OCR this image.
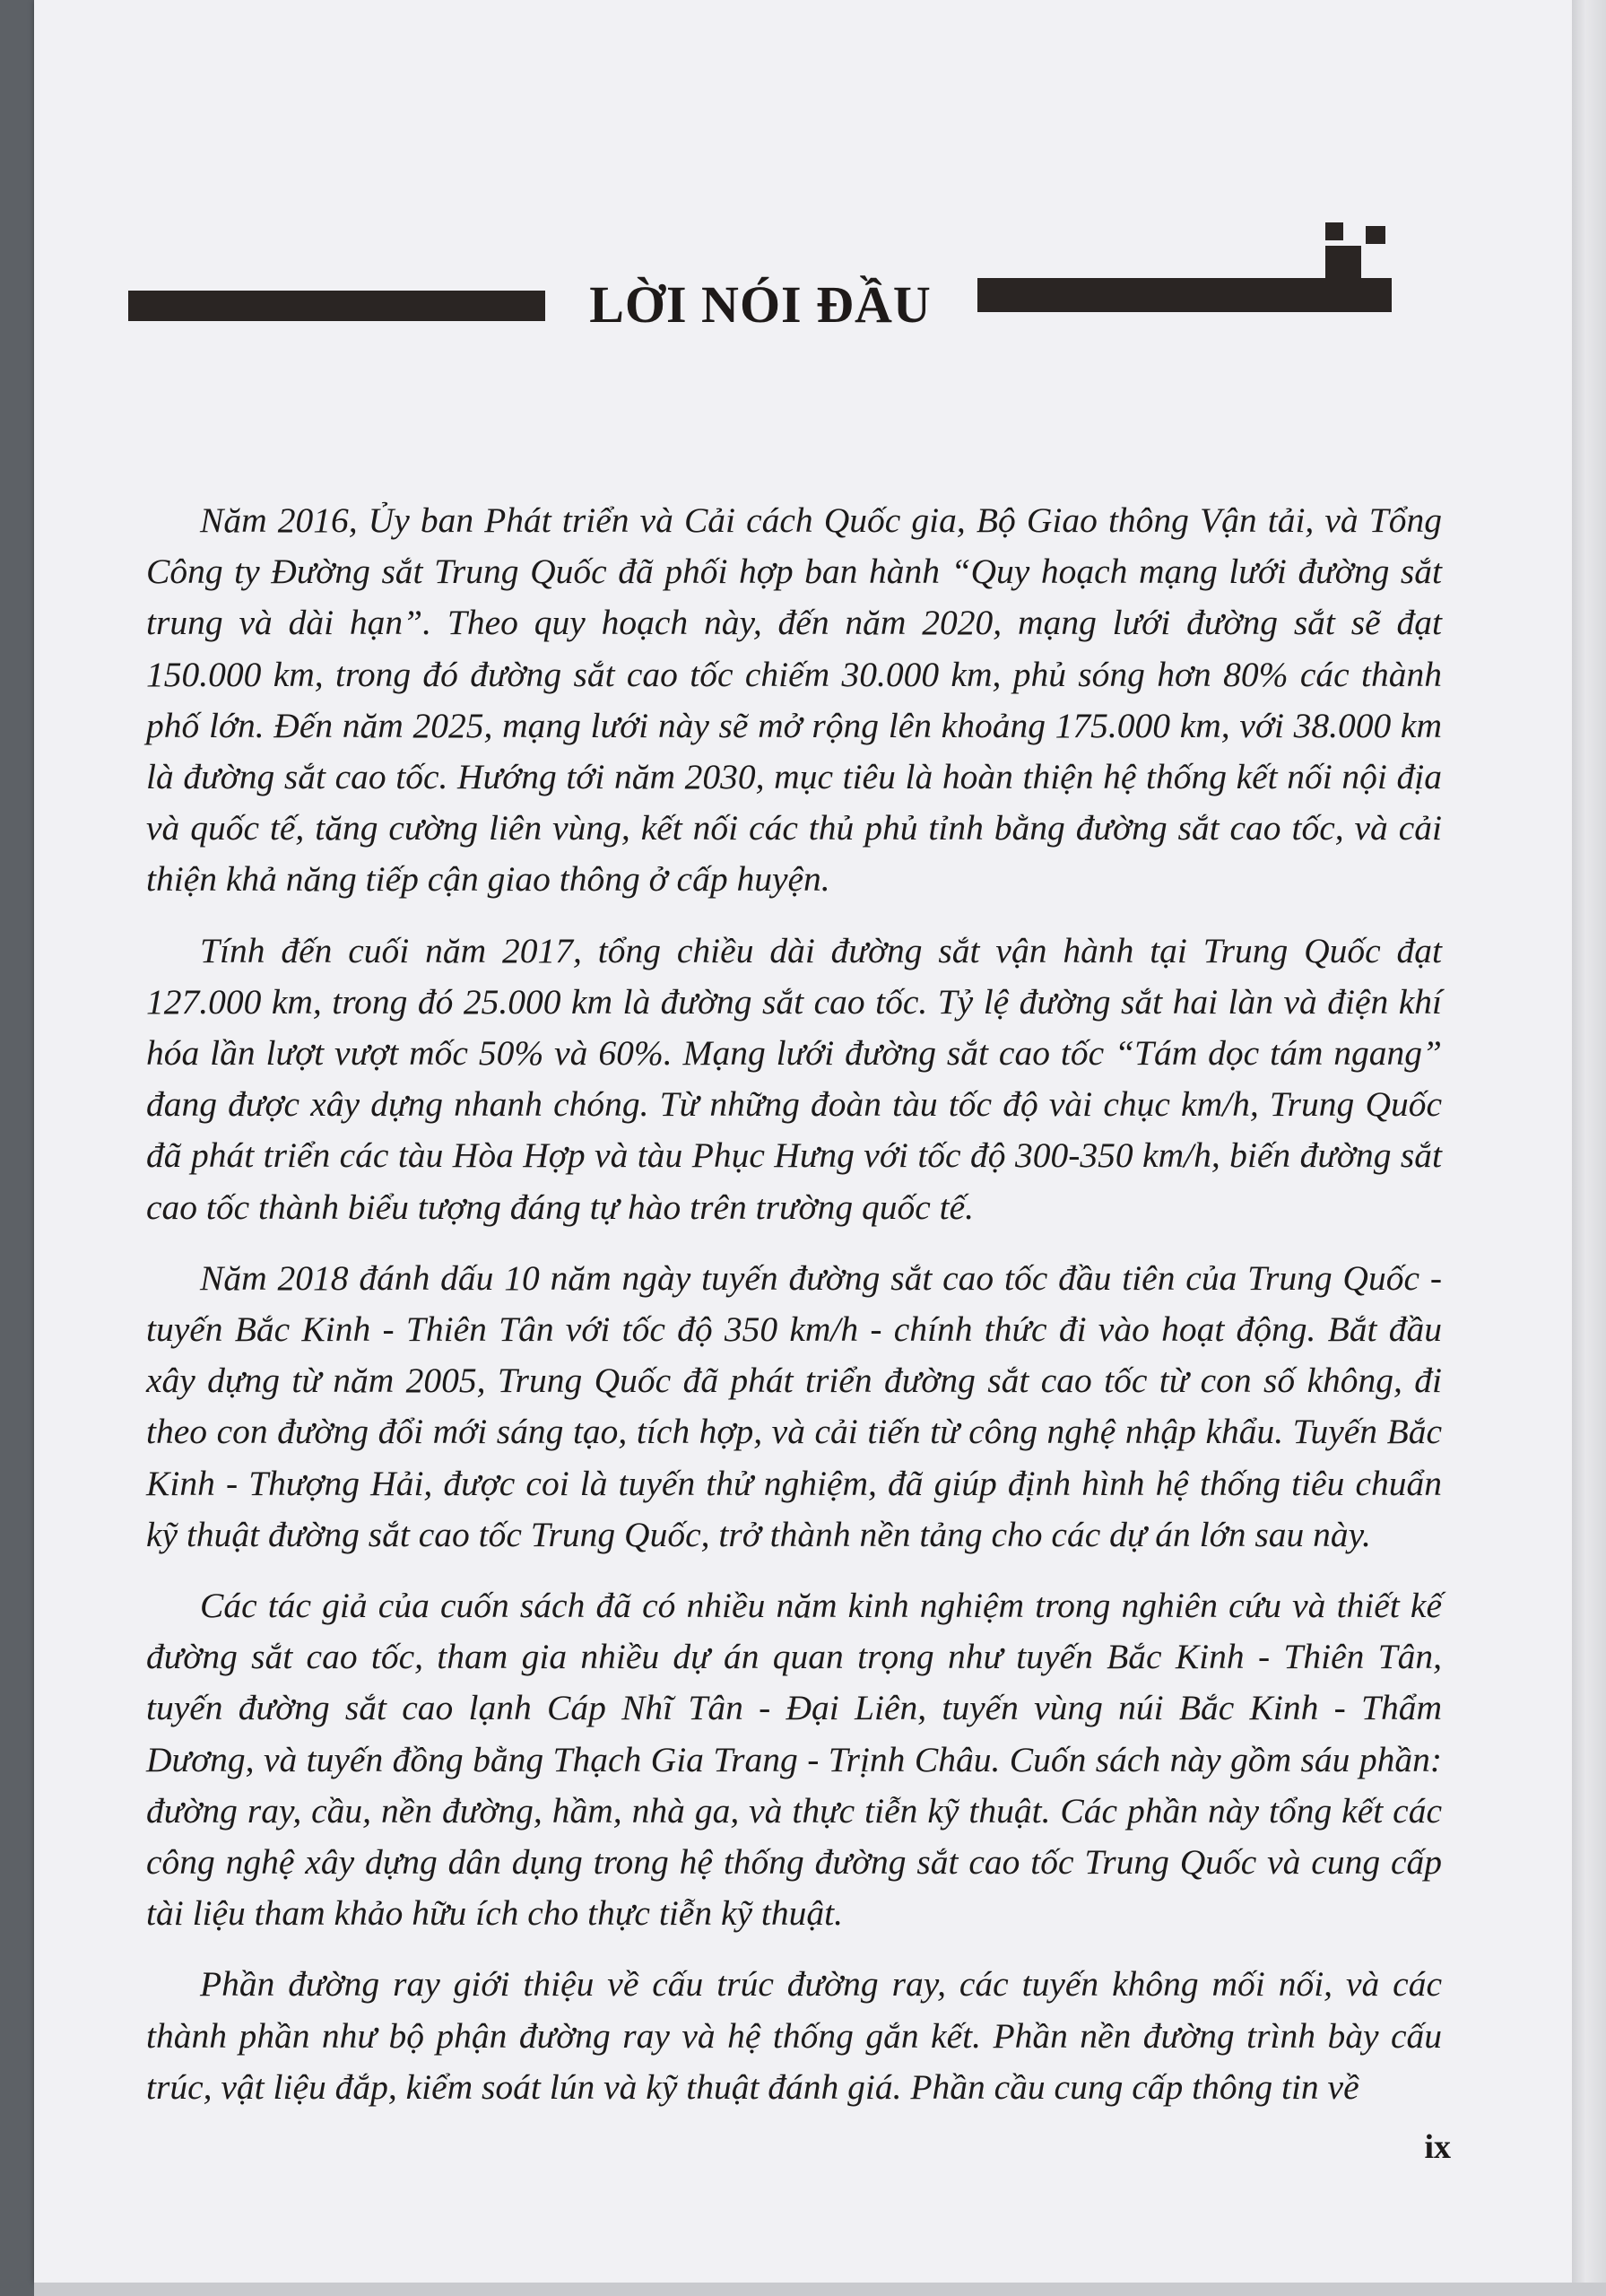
LỜI NÓI ĐẦU

Năm 2016, Ủy ban Phát triển và Cải cách Quốc gia, Bộ Giao thông Vận tải, và Tổng Công ty Đường sắt Trung Quốc đã phối hợp ban hành “Quy hoạch mạng lưới đường sắt trung và dài hạn”. Theo quy hoạch này, đến năm 2020, mạng lưới đường sắt sẽ đạt 150.000 km, trong đó đường sắt cao tốc chiếm 30.000 km, phủ sóng hơn 80% các thành phố lớn. Đến năm 2025, mạng lưới này sẽ mở rộng lên khoảng 175.000 km, với 38.000 km là đường sắt cao tốc. Hướng tới năm 2030, mục tiêu là hoàn thiện hệ thống kết nối nội địa và quốc tế, tăng cường liên vùng, kết nối các thủ phủ tỉnh bằng đường sắt cao tốc, và cải thiện khả năng tiếp cận giao thông ở cấp huyện.

Tính đến cuối năm 2017, tổng chiều dài đường sắt vận hành tại Trung Quốc đạt 127.000 km, trong đó 25.000 km là đường sắt cao tốc. Tỷ lệ đường sắt hai làn và điện khí hóa lần lượt vượt mốc 50% và 60%. Mạng lưới đường sắt cao tốc “Tám dọc tám ngang” đang được xây dựng nhanh chóng. Từ những đoàn tàu tốc độ vài chục km/h, Trung Quốc đã phát triển các tàu Hòa Hợp và tàu Phục Hưng với tốc độ 300-350 km/h, biến đường sắt cao tốc thành biểu tượng đáng tự hào trên trường quốc tế.

Năm 2018 đánh dấu 10 năm ngày tuyến đường sắt cao tốc đầu tiên của Trung Quốc - tuyến Bắc Kinh - Thiên Tân với tốc độ 350 km/h - chính thức đi vào hoạt động. Bắt đầu xây dựng từ năm 2005, Trung Quốc đã phát triển đường sắt cao tốc từ con số không, đi theo con đường đổi mới sáng tạo, tích hợp, và cải tiến từ công nghệ nhập khẩu. Tuyến Bắc Kinh - Thượng Hải, được coi là tuyến thử nghiệm, đã giúp định hình hệ thống tiêu chuẩn kỹ thuật đường sắt cao tốc Trung Quốc, trở thành nền tảng cho các dự án lớn sau này.

Các tác giả của cuốn sách đã có nhiều năm kinh nghiệm trong nghiên cứu và thiết kế đường sắt cao tốc, tham gia nhiều dự án quan trọng như tuyến Bắc Kinh - Thiên Tân, tuyến đường sắt cao lạnh Cáp Nhĩ Tân - Đại Liên, tuyến vùng núi Bắc Kinh - Thẩm Dương, và tuyến đồng bằng Thạch Gia Trang - Trịnh Châu. Cuốn sách này gồm sáu phần: đường ray, cầu, nền đường, hầm, nhà ga, và thực tiễn kỹ thuật. Các phần này tổng kết các công nghệ xây dựng dân dụng trong hệ thống đường sắt cao tốc Trung Quốc và cung cấp tài liệu tham khảo hữu ích cho thực tiễn kỹ thuật.

Phần đường ray giới thiệu về cấu trúc đường ray, các tuyến không mối nối, và các thành phần như bộ phận đường ray và hệ thống gắn kết. Phần nền đường trình bày cấu trúc, vật liệu đắp, kiểm soát lún và kỹ thuật đánh giá. Phần cầu cung cấp thông tin về

ix
